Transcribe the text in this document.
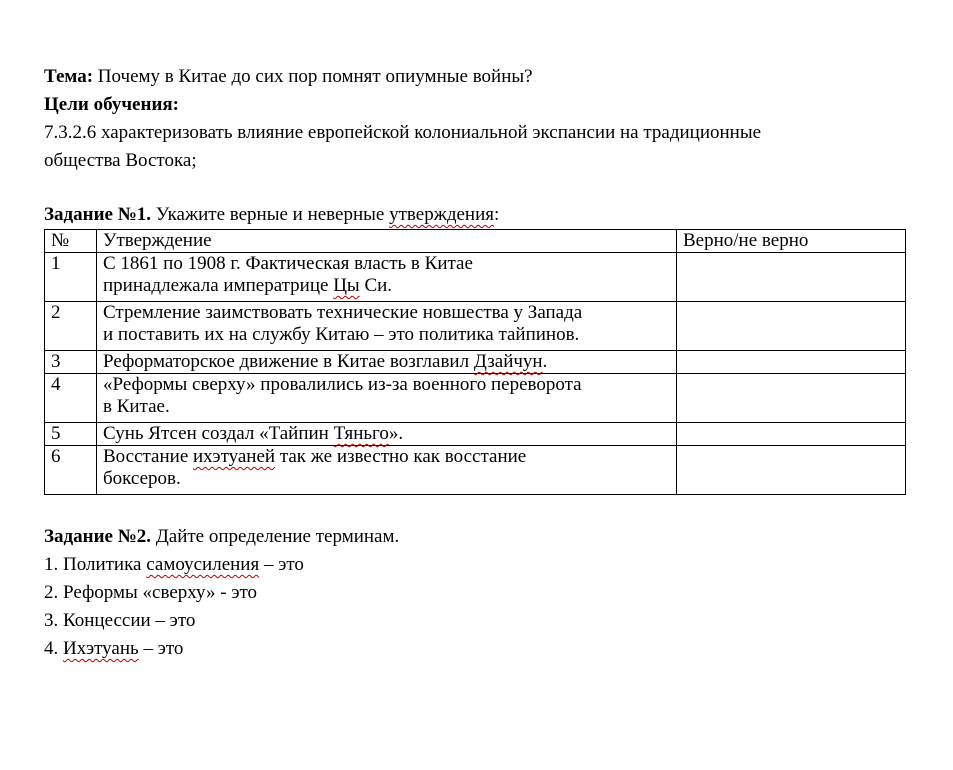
Тема: Почему в Китае до сих пор помнят опиумные войны?

Цели обучения:

7.3.2.6 характеризовать влияние европейской колониальной экспансии на традиционные

общества Востока;

Задание №1. Укажите верные и неверные утверждения:

№	Утверждение	Верно/не верно
1	С 1861 по 1908 г. Фактическая власть в Китае
принадлежала императрице Цы Си.	
2	Стремление заимствовать технические новшества у Запада
и поставить их на службу Китаю – это политика тайпинов.	
3	Реформаторское движение в Китае возглавил Дзайчун.	
4	«Реформы сверху» провалились из-за военного переворота
в Китае.	
5	Сунь Ятсен создал «Тайпин Тяньго».	
6	Восстание ихэтуаней так же известно как восстание
боксеров.	

Задание №2. Дайте определение терминам.

1. Политика самоусиления – это

2. Реформы «сверху» - это

3. Концессии – это

4. Ихэтуань – это
